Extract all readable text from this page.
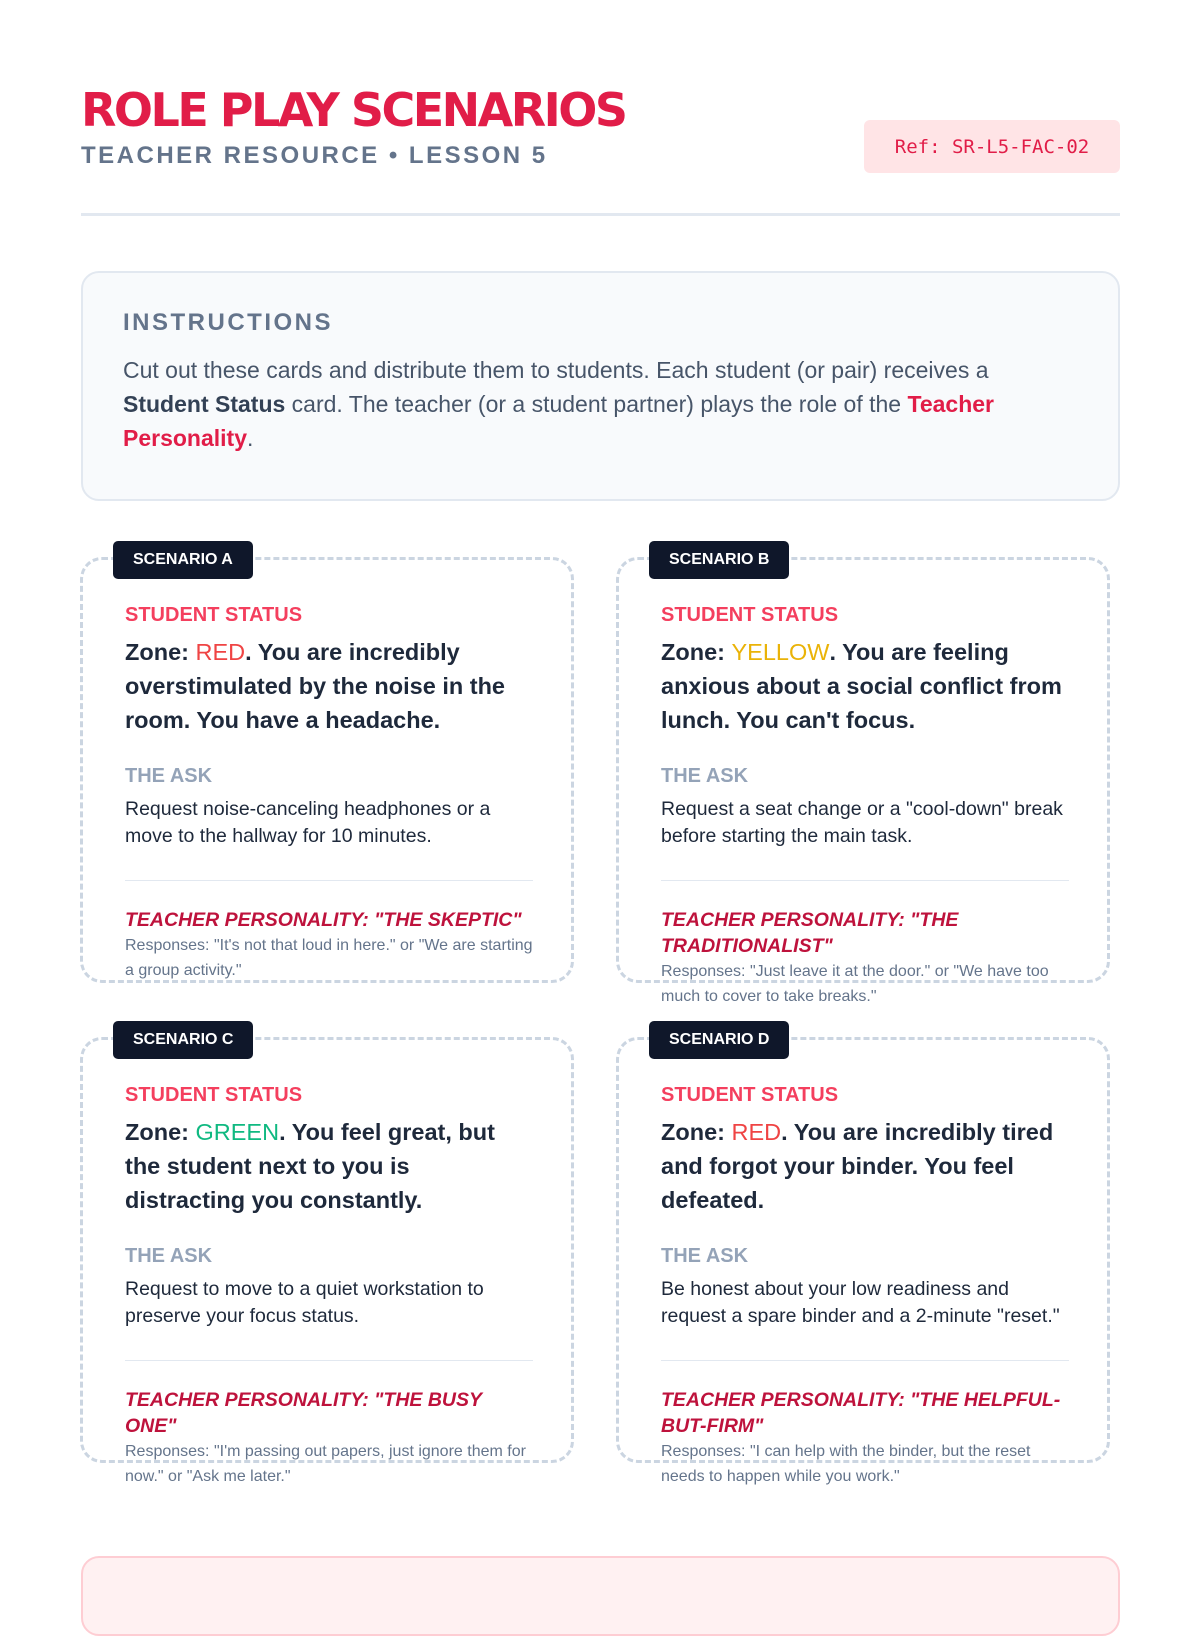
ROLE PLAY SCENARIOS
TEACHER RESOURCE • LESSON 5	Ref: SR-L5-FAC-02
INSTRUCTIONS
Cut out these cards and distribute them to students. Each student (or pair) receives a Student Status card. The teacher (or a student partner) plays the role of the Teacher Personality.
SCENARIO A
STUDENT STATUS
Zone: RED. You are incredibly overstimulated by the noise in the room. You have a headache.
THE ASK
Request noise-canceling headphones or a move to the hallway for 10 minutes.
TEACHER PERSONALITY: "THE SKEPTIC"
Responses: "It's not that loud in here." or "We are starting a group activity."
SCENARIO B
STUDENT STATUS
Zone: YELLOW. You are feeling anxious about a social conflict from lunch. You can't focus.
THE ASK
Request a seat change or a "cool-down" break before starting the main task.
TEACHER PERSONALITY: "THE TRADITIONALIST"
Responses: "Just leave it at the door." or "We have too much to cover to take breaks."
SCENARIO C
STUDENT STATUS
Zone: GREEN. You feel great, but the student next to you is distracting you constantly.
THE ASK
Request to move to a quiet workstation to preserve your focus status.
TEACHER PERSONALITY: "THE BUSY ONE"
Responses: "I'm passing out papers, just ignore them for now." or "Ask me later."
SCENARIO D
STUDENT STATUS
Zone: RED. You are incredibly tired and forgot your binder. You feel defeated.
THE ASK
Be honest about your low readiness and request a spare binder and a 2-minute "reset."
TEACHER PERSONALITY: "THE HELPFUL-BUT-FIRM"
Responses: "I can help with the binder, but the reset needs to happen while you work."
